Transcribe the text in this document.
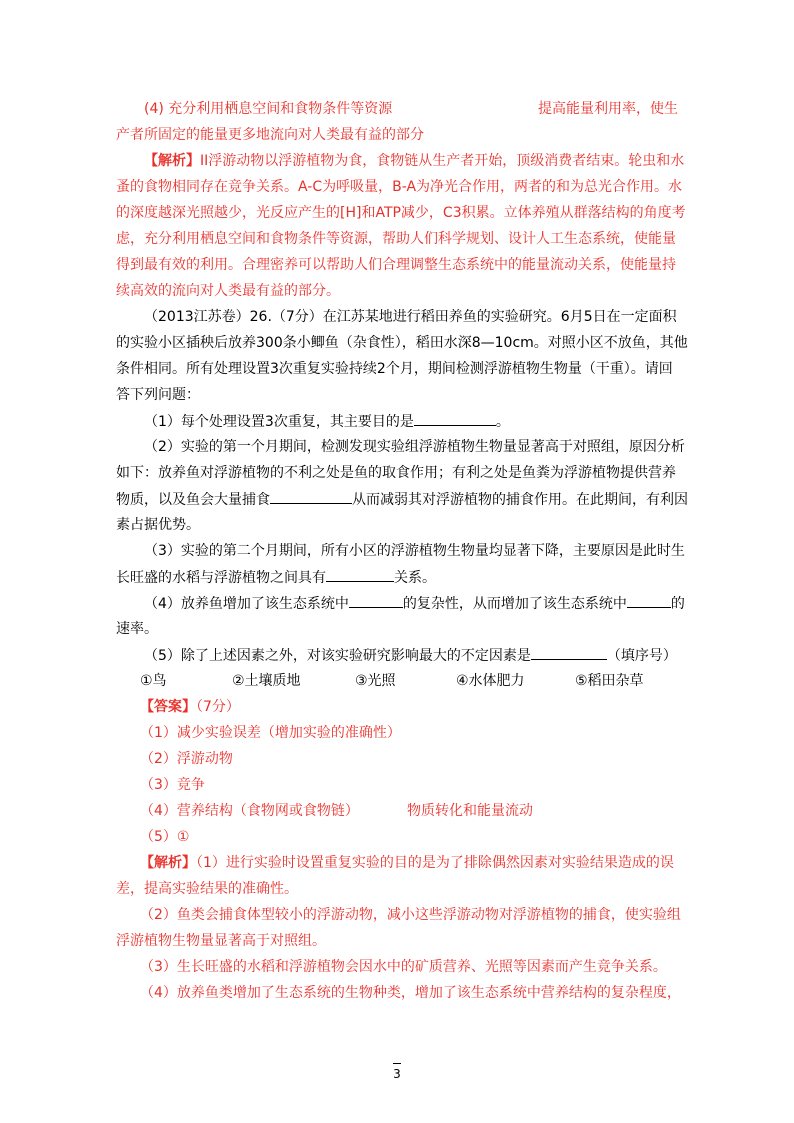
(4) 充分利用栖息空间和食物条件等资源	提高能量利用率，使生
产者所固定的能量更多地流向对人类最有益的部分
【解析】II浮游动物以浮游植物为食，食物链从生产者开始，顶级消费者结束。轮虫和水
蚤的食物相同存在竞争关系。A-C为呼吸量，B-A为净光合作用，两者的和为总光合作用。水
的深度越深光照越少，光反应产生的[H]和ATP减少，C3积累。立体养殖从群落结构的角度考
虑，充分利用栖息空间和食物条件等资源，帮助人们科学规划、设计人工生态系统，使能量
得到最有效的利用。合理密养可以帮助人们合理调整生态系统中的能量流动关系，使能量持
续高效的流向对人类最有益的部分。
（2013江苏卷）26.（7分）在江苏某地进行稻田养鱼的实验研究。6月5日在一定面积
的实验小区插秧后放养300条小鲫鱼（杂食性），稻田水深8—10cm。对照小区不放鱼，其他
条件相同。所有处理设置3次重复实验持续2个月，期间检测浮游植物生物量（干重）。请回
答下列问题：
（1）每个处理设置3次重复，其主要目的是	。
（2）实验的第一个月期间，检测发现实验组浮游植物生物量显著高于对照组，原因分析
如下：放养鱼对浮游植物的不利之处是鱼的取食作用；有利之处是鱼粪为浮游植物提供营养
物质，以及鱼会大量捕食	从而减弱其对浮游植物的捕食作用。在此期间，有利因
素占据优势。
（3）实验的第二个月期间，所有小区的浮游植物生物量均显著下降，主要原因是此时生
长旺盛的水稻与浮游植物之间具有	关系。
（4）放养鱼增加了该生态系统中	的复杂性，从而增加了该生态系统中	的
速率。
（5）除了上述因素之外，对该实验研究影响最大的不定因素是	（填序号）
①鸟	②土壤质地	③光照	④水体肥力	⑤稻田杂草
【答案】（7分）
（1）减少实验误差（增加实验的准确性）
（2）浮游动物
（3）竞争
（4）营养结构（食物网或食物链）	物质转化和能量流动
（5）①
【解析】（1）进行实验时设置重复实验的目的是为了排除偶然因素对实验结果造成的误
差，提高实验结果的准确性。
（2）鱼类会捕食体型较小的浮游动物，减小这些浮游动物对浮游植物的捕食，使实验组
浮游植物生物量显著高于对照组。
（3）生长旺盛的水稻和浮游植物会因水中的矿质营养、光照等因素而产生竞争关系。
（4）放养鱼类增加了生态系统的生物种类，增加了该生态系统中营养结构的复杂程度，
3
